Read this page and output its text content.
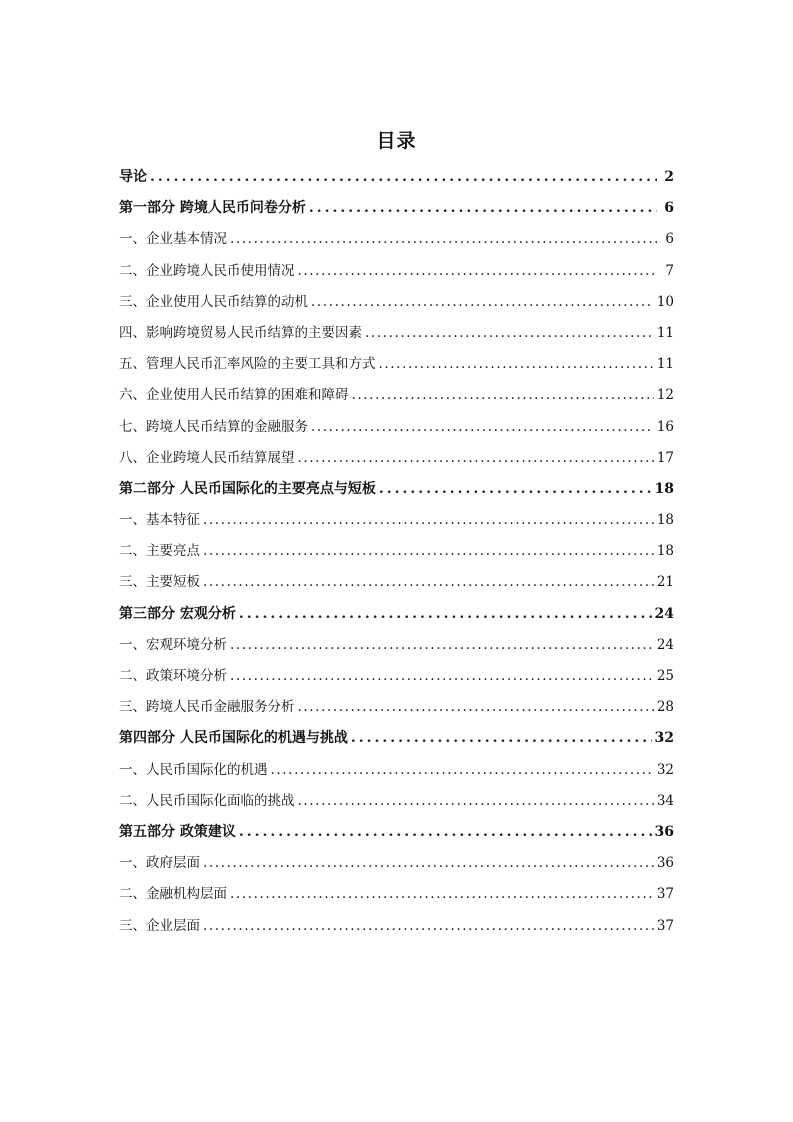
目录
导论 .....	2
第一部分 跨境人民币问卷分析 .....	6
一、企业基本情况 .....	6
二、企业跨境人民币使用情况 .....	7
三、企业使用人民币结算的动机 .....	10
四、影响跨境贸易人民币结算的主要因素 .....	11
五、管理人民币汇率风险的主要工具和方式 .....	11
六、企业使用人民币结算的困难和障碍 .....	12
七、跨境人民币结算的金融服务 .....	16
八、企业跨境人民币结算展望 .....	17
第二部分 人民币国际化的主要亮点与短板 .....	18
一、基本特征 .....	18
二、主要亮点 .....	18
三、主要短板 .....	21
第三部分 宏观分析 .....	24
一、宏观环境分析 .....	24
二、政策环境分析 .....	25
三、跨境人民币金融服务分析 .....	28
第四部分 人民币国际化的机遇与挑战 .....	32
一、人民币国际化的机遇 .....	32
二、人民币国际化面临的挑战 .....	34
第五部分 政策建议 .....	36
一、政府层面 .....	36
二、金融机构层面 .....	37
三、企业层面 .....	37
